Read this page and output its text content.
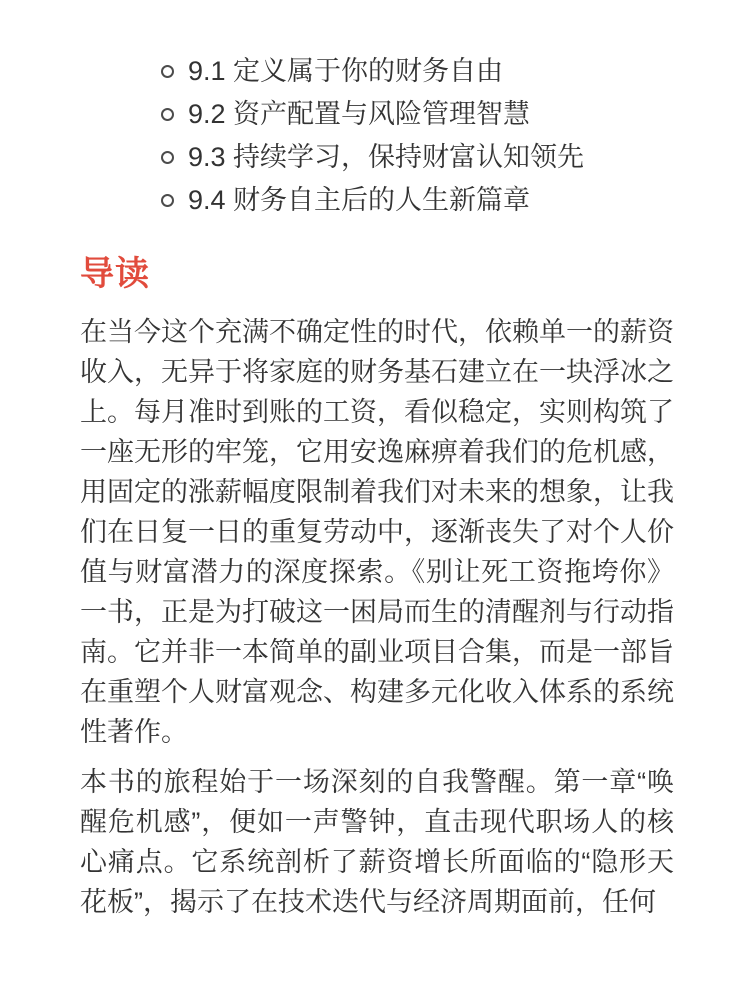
9.1 定义属于你的财务自由
9.2 资产配置与风险管理智慧
9.3 持续学习，保持财富认知领先
9.4 财务自主后的人生新篇章
导读

在当今这个充满不确定性的时代，依赖单一的薪资收入，无异于将家庭的财务基石建立在一块浮冰之上。每月准时到账的工资，看似稳定，实则构筑了一座无形的牢笼，它用安逸麻痹着我们的危机感，用固定的涨薪幅度限制着我们对未来的想象，让我们在日复一日的重复劳动中，逐渐丧失了对个人价值与财富潜力的深度探索。《别让死工资拖垮你》一书，正是为打破这一困局而生的清醒剂与行动指南。它并非一本简单的副业项目合集，而是一部旨在重塑个人财富观念、构建多元化收入体系的系统性著作。

本书的旅程始于一场深刻的自我警醒。第一章“唤醒危机感”，便如一声警钟，直击现代职场人的核心痛点。它系统剖析了薪资增长所面临的“隐形天花板”，揭示了在技术迭代与经济周期面前，任何
